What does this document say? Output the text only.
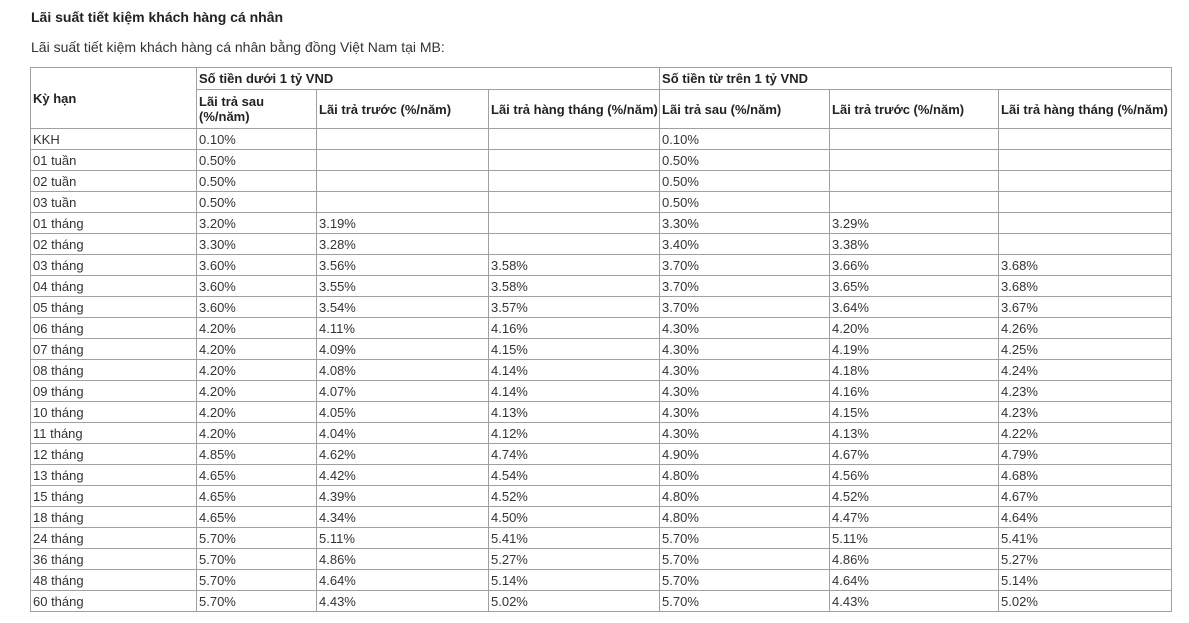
Lãi suất tiết kiệm khách hàng cá nhân
Lãi suất tiết kiệm khách hàng cá nhân bằng đồng Việt Nam tại MB:
Kỳ hạn	Số tiền dưới 1 tỷ VND			Số tiền từ trên 1 tỷ VND		
	Lãi trả sau (%/năm)	Lãi trả trước (%/năm)	Lãi trả hàng tháng (%/năm)	Lãi trả sau (%/năm)	Lãi trả trước (%/năm)	Lãi trả hàng tháng (%/năm)
KKH	0.10%			0.10%		
01 tuần	0.50%			0.50%		
02 tuần	0.50%			0.50%		
03 tuần	0.50%			0.50%		
01 tháng	3.20%	3.19%		3.30%	3.29%	
02 tháng	3.30%	3.28%		3.40%	3.38%	
03 tháng	3.60%	3.56%	3.58%	3.70%	3.66%	3.68%
04 tháng	3.60%	3.55%	3.58%	3.70%	3.65%	3.68%
05 tháng	3.60%	3.54%	3.57%	3.70%	3.64%	3.67%
06 tháng	4.20%	4.11%	4.16%	4.30%	4.20%	4.26%
07 tháng	4.20%	4.09%	4.15%	4.30%	4.19%	4.25%
08 tháng	4.20%	4.08%	4.14%	4.30%	4.18%	4.24%
09 tháng	4.20%	4.07%	4.14%	4.30%	4.16%	4.23%
10 tháng	4.20%	4.05%	4.13%	4.30%	4.15%	4.23%
11 tháng	4.20%	4.04%	4.12%	4.30%	4.13%	4.22%
12 tháng	4.85%	4.62%	4.74%	4.90%	4.67%	4.79%
13 tháng	4.65%	4.42%	4.54%	4.80%	4.56%	4.68%
15 tháng	4.65%	4.39%	4.52%	4.80%	4.52%	4.67%
18 tháng	4.65%	4.34%	4.50%	4.80%	4.47%	4.64%
24 tháng	5.70%	5.11%	5.41%	5.70%	5.11%	5.41%
36 tháng	5.70%	4.86%	5.27%	5.70%	4.86%	5.27%
48 tháng	5.70%	4.64%	5.14%	5.70%	4.64%	5.14%
60 tháng	5.70%	4.43%	5.02%	5.70%	4.43%	5.02%
